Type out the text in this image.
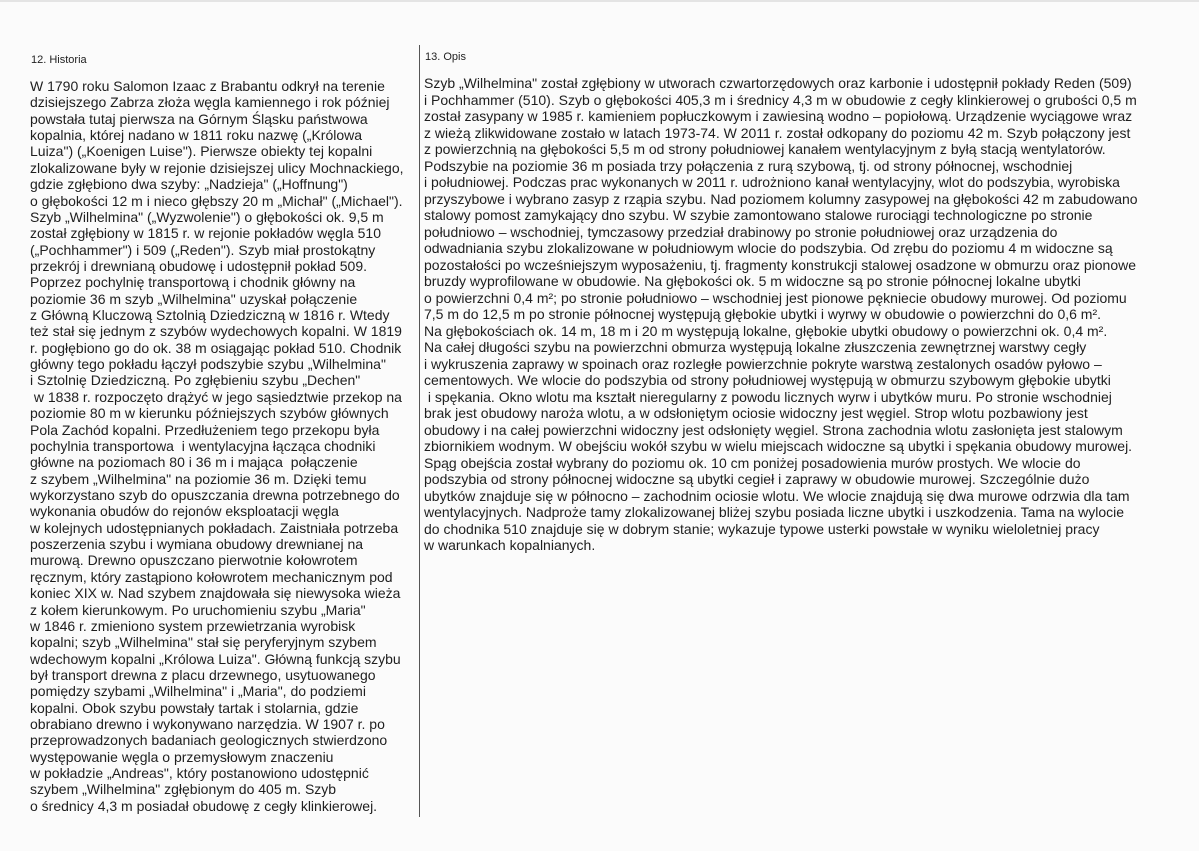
12. Historia
W 1790 roku Salomon Izaac z Brabantu odkrył na terenie
dzisiejszego Zabrza złoża węgla kamiennego i rok później
powstała tutaj pierwsza na Górnym Śląsku państwowa
kopalnia, której nadano w 1811 roku nazwę („Królowa
Luiza") („Koenigen Luise"). Pierwsze obiekty tej kopalni
zlokalizowane były w rejonie dzisiejszej ulicy Mochnackiego,
gdzie zgłębiono dwa szyby: „Nadzieja" („Hoffnung")
o głębokości 12 m i nieco głębszy 20 m „Michał" („Michael").
Szyb „Wilhelmina" („Wyzwolenie") o głębokości ok. 9,5 m
został zgłębiony w 1815 r. w rejonie pokładów węgla 510
(„Pochhammer") i 509 („Reden"). Szyb miał prostokątny
przekrój i drewnianą obudowę i udostępnił pokład 509.
Poprzez pochylnię transportową i chodnik główny na
poziomie 36 m szyb „Wilhelmina" uzyskał połączenie
z Główną Kluczową Sztolnią Dziedziczną w 1816 r. Wtedy
też stał się jednym z szybów wydechowych kopalni. W 1819
r. pogłębiono go do ok. 38 m osiągając pokład 510. Chodnik
główny tego pokładu łączył podszybie szybu „Wilhelmina"
i Sztolnię Dziedziczną. Po zgłębieniu szybu „Dechen"
w 1838 r. rozpoczęto drążyć w jego sąsiedztwie przekop na
poziomie 80 m w kierunku późniejszych szybów głównych
Pola Zachód kopalni. Przedłużeniem tego przekopu była
pochylnia transportowa  i wentylacyjna łącząca chodniki
główne na poziomach 80 i 36 m i mająca  połączenie
z szybem „Wilhelmina" na poziomie 36 m. Dzięki temu
wykorzystano szyb do opuszczania drewna potrzebnego do
wykonania obudów do rejonów eksploatacji węgla
w kolejnych udostępnianych pokładach. Zaistniała potrzeba
poszerzenia szybu i wymiana obudowy drewnianej na
murową. Drewno opuszczano pierwotnie kołowrotem
ręcznym, który zastąpiono kołowrotem mechanicznym pod
koniec XIX w. Nad szybem znajdowała się niewysoka wieża
z kołem kierunkowym. Po uruchomieniu szybu „Maria"
w 1846 r. zmieniono system przewietrzania wyrobisk
kopalni; szyb „Wilhelmina" stał się peryferyjnym szybem
wdechowym kopalni „Królowa Luiza". Główną funkcją szybu
był transport drewna z placu drzewnego, usytuowanego
pomiędzy szybami „Wilhelmina" i „Maria", do podziemi
kopalni. Obok szybu powstały tartak i stolarnia, gdzie
obrabiano drewno i wykonywano narzędzia. W 1907 r. po
przeprowadzonych badaniach geologicznych stwierdzono
występowanie węgla o przemysłowym znaczeniu
w pokładzie „Andreas", który postanowiono udostępnić
szybem „Wilhelmina" zgłębionym do 405 m. Szyb
o średnicy 4,3 m posiadał obudowę z cegły klinkierowej.
13. Opis
Szyb „Wilhelmina" został zgłębiony w utworach czwartorzędowych oraz karbonie i udostępnił pokłady Reden (509)
i Pochhammer (510). Szyb o głębokości 405,3 m i średnicy 4,3 m w obudowie z cegły klinkierowej o grubości 0,5 m
został zasypany w 1985 r. kamieniem popłuczkowym i zawiesiną wodno – popiołową. Urządzenie wyciągowe wraz
z wieżą zlikwidowane zostało w latach 1973-74. W 2011 r. został odkopany do poziomu 42 m. Szyb połączony jest
z powierzchnią na głębokości 5,5 m od strony południowej kanałem wentylacyjnym z byłą stacją wentylatorów.
Podszybie na poziomie 36 m posiada trzy połączenia z rurą szybową, tj. od strony północnej, wschodniej
i południowej. Podczas prac wykonanych w 2011 r. udrożniono kanał wentylacyjny, wlot do podszybia, wyrobiska
przyszybowe i wybrano zasyp z rząpia szybu. Nad poziomem kolumny zasypowej na głębokości 42 m zabudowano
stalowy pomost zamykający dno szybu. W szybie zamontowano stalowe rurociągi technologiczne po stronie
południowo – wschodniej, tymczasowy przedział drabinowy po stronie południowej oraz urządzenia do
odwadniania szybu zlokalizowane w południowym wlocie do podszybia. Od zrębu do poziomu 4 m widoczne są
pozostałości po wcześniejszym wyposażeniu, tj. fragmenty konstrukcji stalowej osadzone w obmurzu oraz pionowe
bruzdy wyprofilowane w obudowie. Na głębokości ok. 5 m widoczne są po stronie północnej lokalne ubytki
o powierzchni 0,4 m²; po stronie południowo – wschodniej jest pionowe pękniecie obudowy murowej. Od poziomu
7,5 m do 12,5 m po stronie północnej występują głębokie ubytki i wyrwy w obudowie o powierzchni do 0,6 m².
Na głębokościach ok. 14 m, 18 m i 20 m występują lokalne, głębokie ubytki obudowy o powierzchni ok. 0,4 m².
Na całej długości szybu na powierzchni obmurza występują lokalne złuszczenia zewnętrznej warstwy cegły
i wykruszenia zaprawy w spoinach oraz rozległe powierzchnie pokryte warstwą zestalonych osadów pyłowo –
cementowych. We wlocie do podszybia od strony południowej występują w obmurzu szybowym głębokie ubytki
i spękania. Okno wlotu ma kształt nieregularny z powodu licznych wyrw i ubytków muru. Po stronie wschodniej
brak jest obudowy naroża wlotu, a w odsłoniętym ociosie widoczny jest węgiel. Strop wlotu pozbawiony jest
obudowy i na całej powierzchni widoczny jest odsłonięty węgiel. Strona zachodnia wlotu zasłonięta jest stalowym
zbiornikiem wodnym. W obejściu wokół szybu w wielu miejscach widoczne są ubytki i spękania obudowy murowej.
Spąg obejścia został wybrany do poziomu ok. 10 cm poniżej posadowienia murów prostych. We wlocie do
podszybia od strony północnej widoczne są ubytki cegieł i zaprawy w obudowie murowej. Szczególnie dużo
ubytków znajduje się w północno – zachodnim ociosie wlotu. We wlocie znajdują się dwa murowe odrzwia dla tam
wentylacyjnych. Nadproże tamy zlokalizowanej bliżej szybu posiada liczne ubytki i uszkodzenia. Tama na wylocie
do chodnika 510 znajduje się w dobrym stanie; wykazuje typowe usterki powstałe w wyniku wieloletniej pracy
w warunkach kopalnianych.
